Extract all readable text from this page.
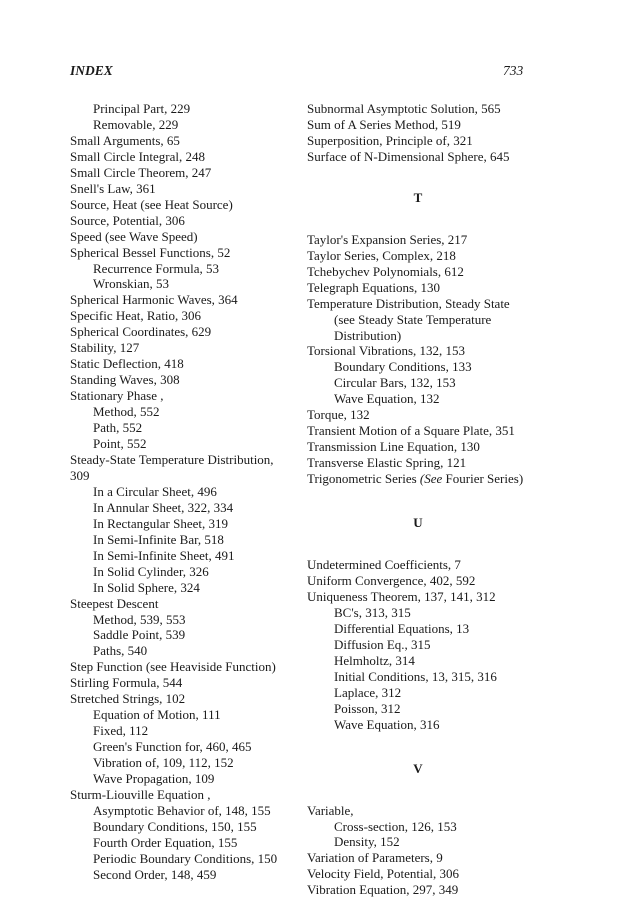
INDEX	733
Principal Part, 229
Removable, 229
Small Arguments, 65
Small Circle Integral, 248
Small Circle Theorem, 247
Snell's Law, 361
Source, Heat (see Heat Source)
Source, Potential, 306
Speed (see Wave Speed)
Spherical Bessel Functions, 52
Recurrence Formula, 53
Wronskian, 53
Spherical Harmonic Waves, 364
Specific Heat, Ratio, 306
Spherical Coordinates, 629
Stability, 127
Static Deflection, 418
Standing Waves, 308
Stationary Phase ,
Method, 552
Path, 552
Point, 552
Steady-State Temperature Distribution,
309
In a Circular Sheet, 496
In Annular Sheet, 322, 334
In Rectangular Sheet, 319
In Semi-Infinite Bar, 518
In Semi-Infinite Sheet, 491
In Solid Cylinder, 326
In Solid Sphere, 324
Steepest Descent
Method, 539, 553
Saddle Point, 539
Paths, 540
Step Function (see Heaviside Function)
Stirling Formula, 544
Stretched Strings, 102
Equation of Motion, 111
Fixed, 112
Green's Function for, 460, 465
Vibration of, 109, 112, 152
Wave Propagation, 109
Sturm-Liouville Equation ,
Asymptotic Behavior of, 148, 155
Boundary Conditions, 150, 155
Fourth Order Equation, 155
Periodic Boundary Conditions, 150
Second Order, 148, 459
Subnormal Asymptotic Solution, 565
Sum of A Series Method, 519
Superposition, Principle of, 321
Surface of N-Dimensional Sphere, 645
T
Taylor's Expansion Series, 217
Taylor Series, Complex, 218
Tchebychev Polynomials, 612
Telegraph Equations, 130
Temperature Distribution, Steady State
(see Steady State Temperature
Distribution)
Torsional Vibrations, 132, 153
Boundary Conditions, 133
Circular Bars, 132, 153
Wave Equation, 132
Torque, 132
Transient Motion of a Square Plate, 351
Transmission Line Equation, 130
Transverse Elastic Spring, 121
Trigonometric Series (See Fourier Series)
U
Undetermined Coefficients, 7
Uniform Convergence, 402, 592
Uniqueness Theorem, 137, 141, 312
BC's, 313, 315
Differential Equations, 13
Diffusion Eq., 315
Helmholtz, 314
Initial Conditions, 13, 315, 316
Laplace, 312
Poisson, 312
Wave Equation, 316
V
Variable,
Cross-section, 126, 153
Density, 152
Variation of Parameters, 9
Velocity Field, Potential, 306
Vibration Equation, 297, 349
